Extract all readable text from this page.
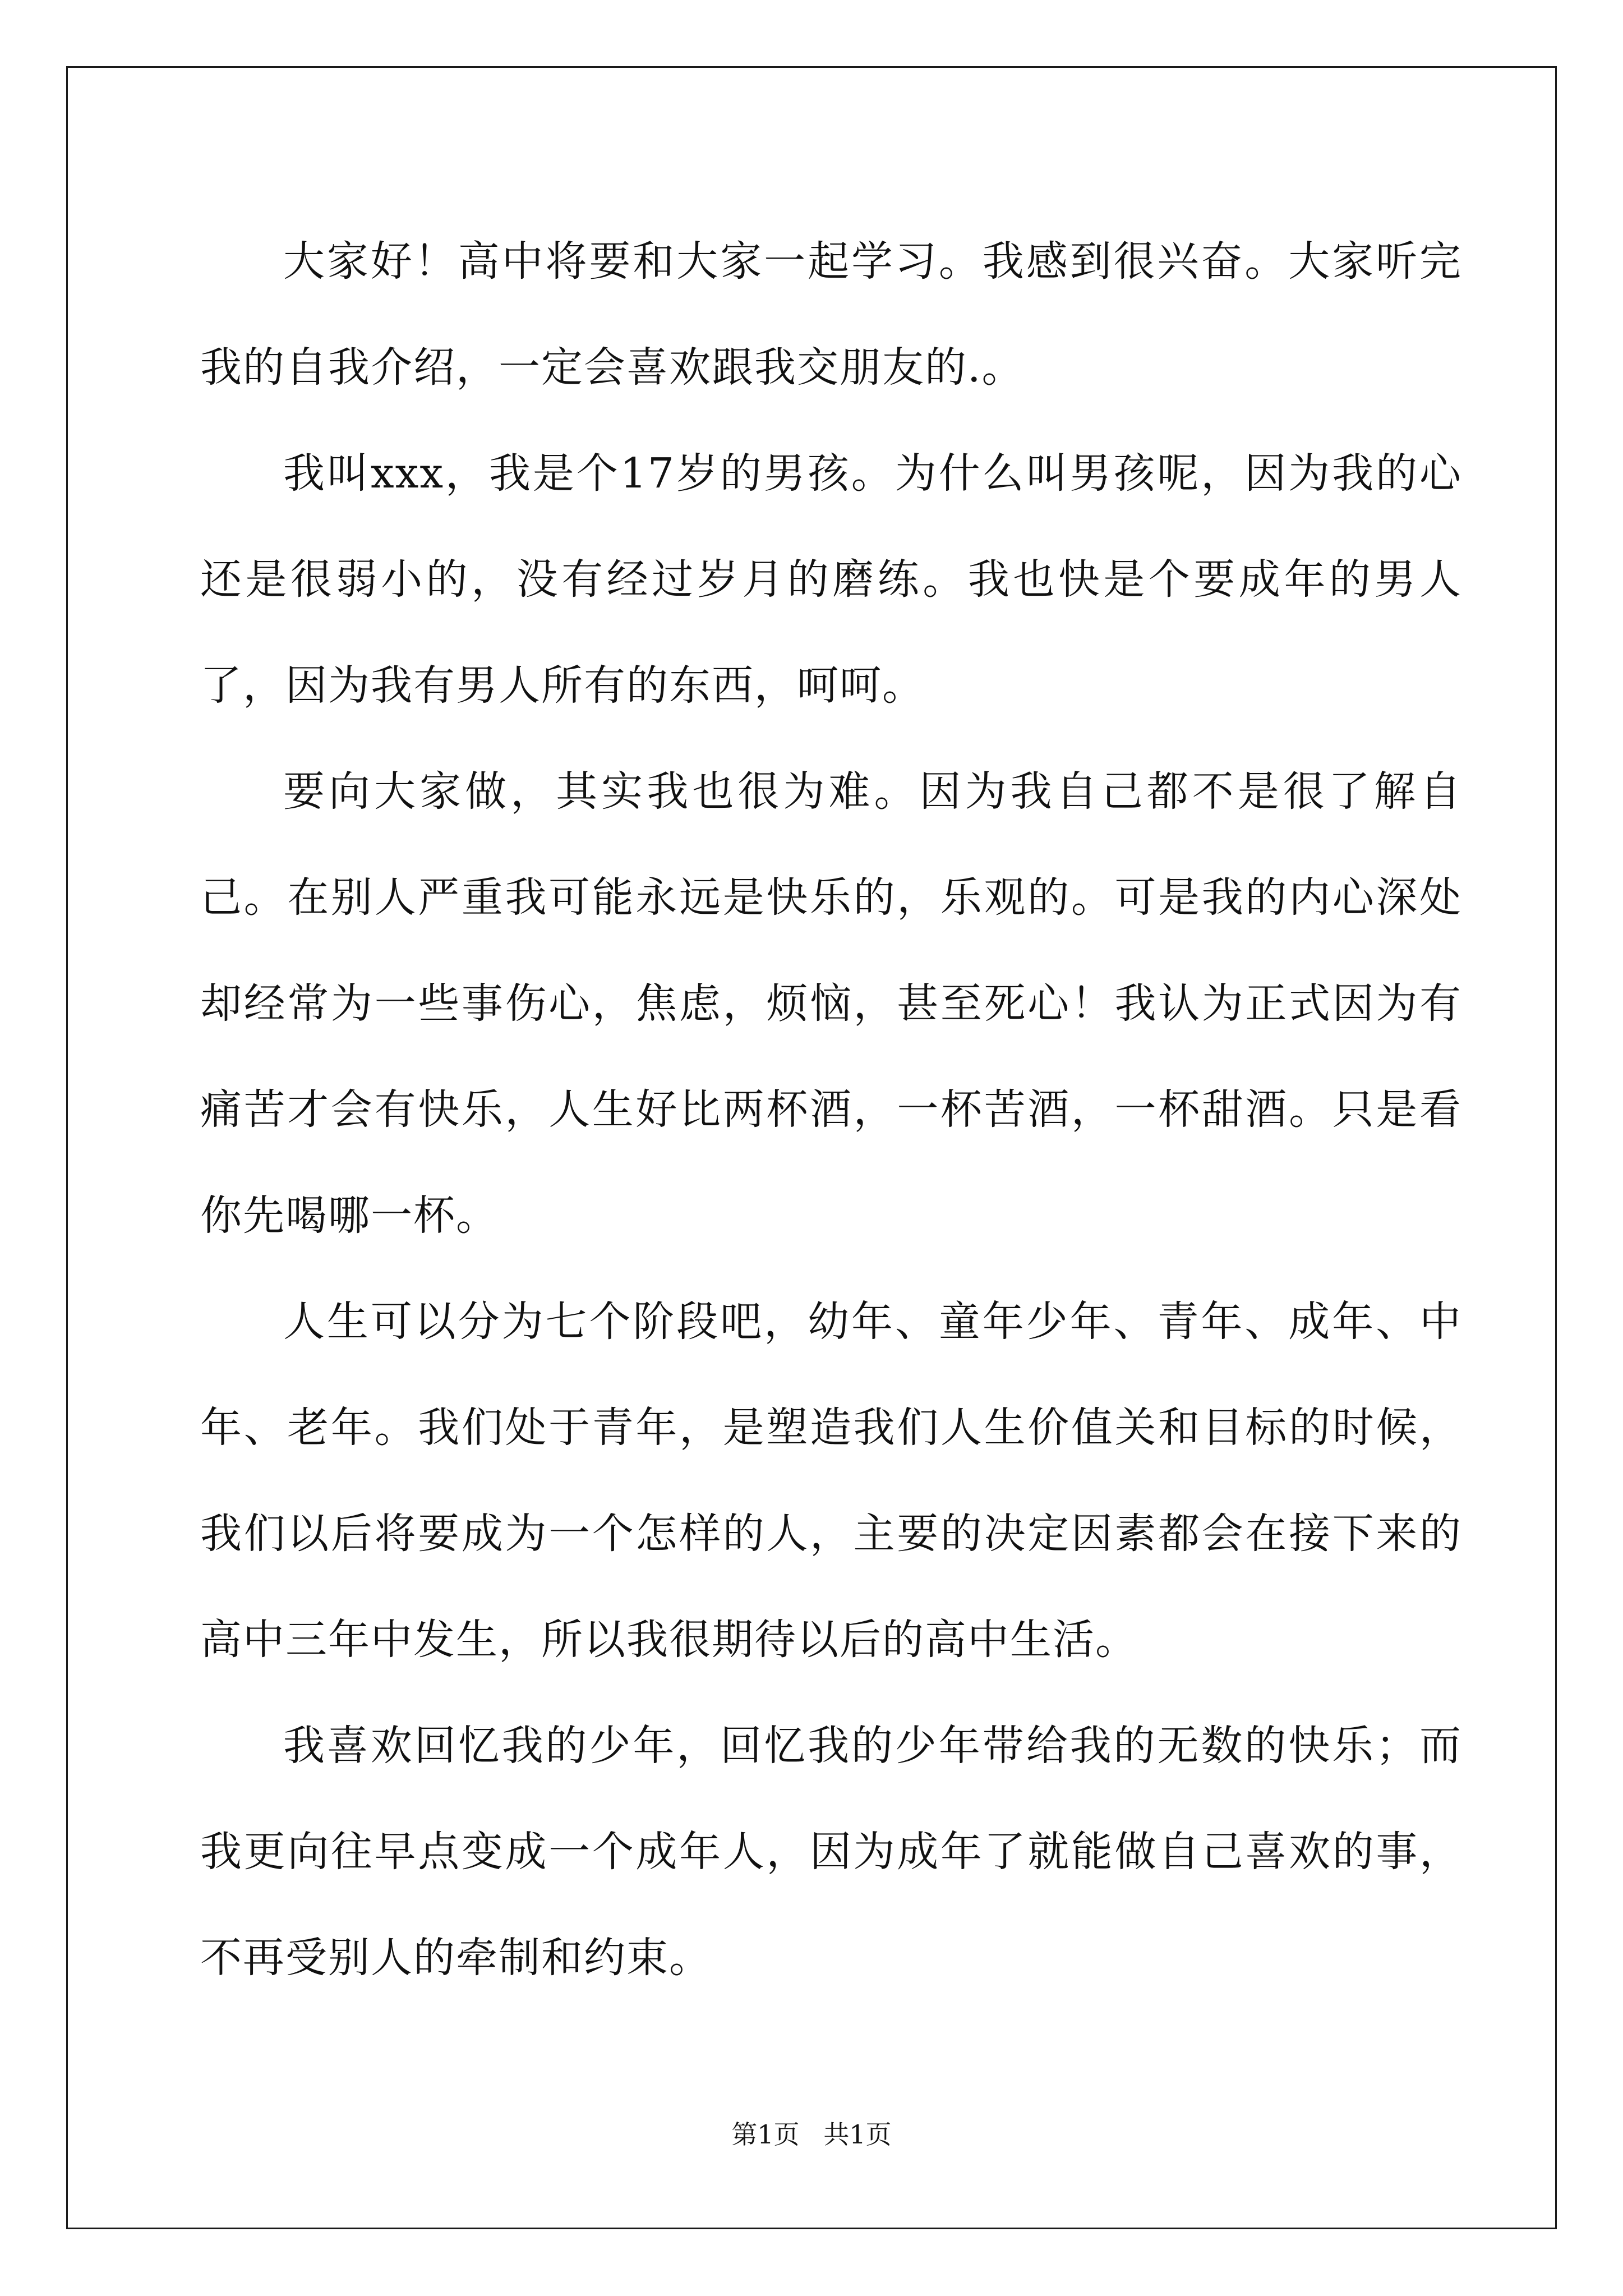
大家好！高中将要和大家一起学习。我感到很兴奋。大家听完我的自我介绍，一定会喜欢跟我交朋友的.。

我叫xxx，我是个17岁的男孩。为什么叫男孩呢，因为我的心还是很弱小的，没有经过岁月的磨练。我也快是个要成年的男人了，因为我有男人所有的东西，呵呵。

要向大家做，其实我也很为难。因为我自己都不是很了解自己。在别人严重我可能永远是快乐的，乐观的。可是我的内心深处却经常为一些事伤心，焦虑，烦恼，甚至死心！我认为正式因为有痛苦才会有快乐，人生好比两杯酒，一杯苦酒，一杯甜酒。只是看你先喝哪一杯。

人生可以分为七个阶段吧，幼年、童年少年、青年、成年、中年、老年。我们处于青年，是塑造我们人生价值关和目标的时候，我们以后将要成为一个怎样的人，主要的决定因素都会在接下来的高中三年中发生，所以我很期待以后的高中生活。

我喜欢回忆我的少年，回忆我的少年带给我的无数的快乐；而我更向往早点变成一个成年人，因为成年了就能做自己喜欢的事，不再受别人的牵制和约束。

第1页 共1页
